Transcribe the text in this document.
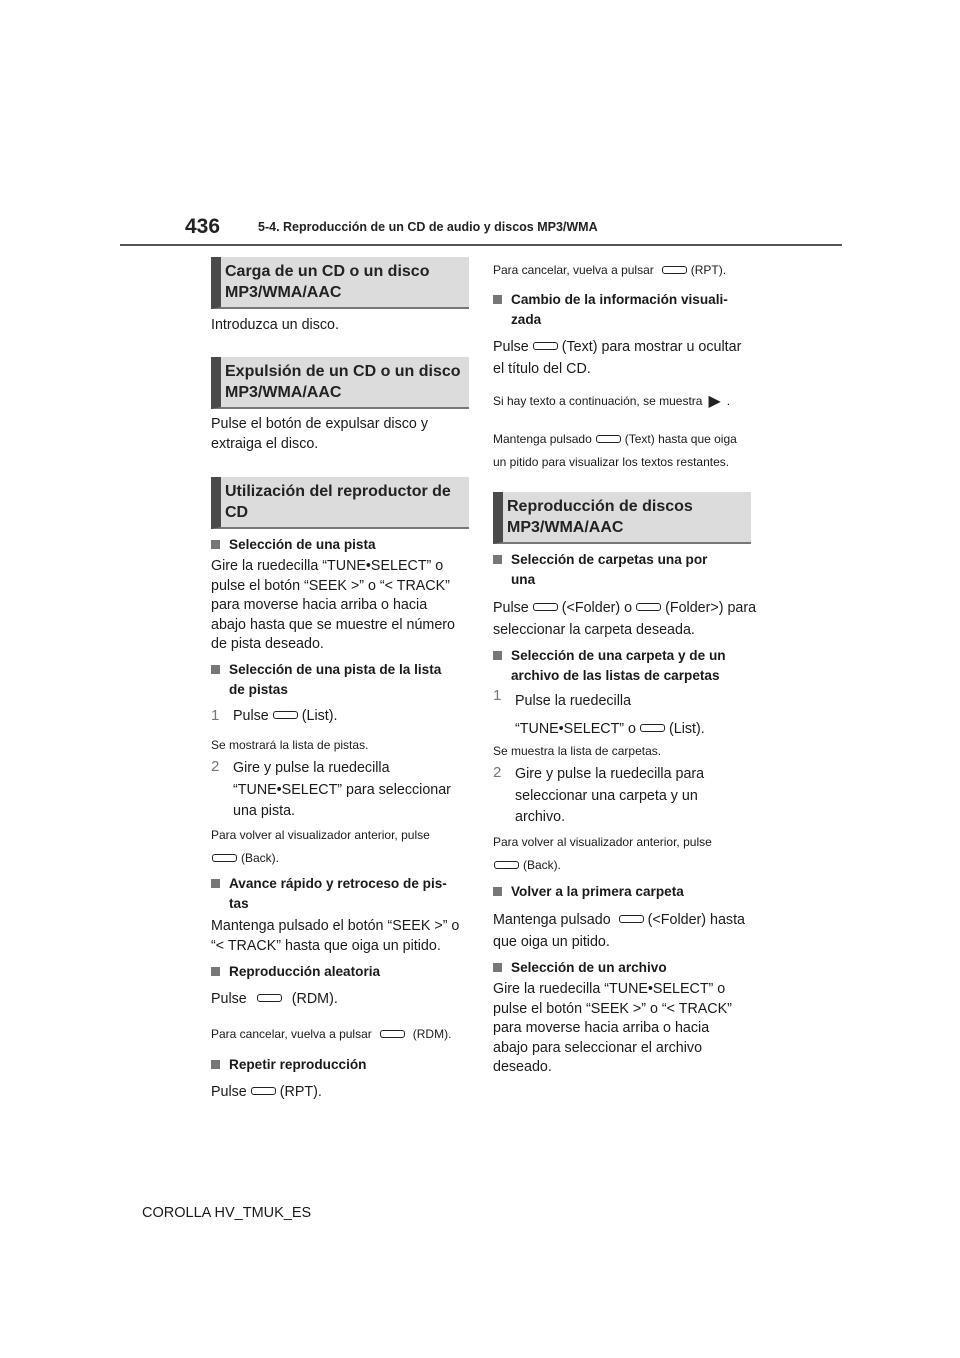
436	5-4. Reproducción de un CD de audio y discos MP3/WMA
Carga de un CD o un disco
MP3/WMA/AAC
Introduzca un disco.
Expulsión de un CD o un disco
MP3/WMA/AAC
Pulse el botón de expulsar disco y
extraiga el disco.
Utilización del reproductor de
CD
Selección de una pista
Gire la ruedecilla “TUNE•SELECT” o
pulse el botón “SEEK >” o “< TRACK”
para moverse hacia arriba o hacia
abajo hasta que se muestre el número
de pista deseado.
Selección de una pista de la lista
de pistas
1 Pulse (List).
Se mostrará la lista de pistas.
2 Gire y pulse la ruedecilla
“TUNE•SELECT” para seleccionar
una pista.
Para volver al visualizador anterior, pulse
(Back).
Avance rápido y retroceso de pis-
tas
Mantenga pulsado el botón “SEEK >” o
“< TRACK” hasta que oiga un pitido.
Reproducción aleatoria
Pulse	(RDM).
Para cancelar, vuelva a pulsar	(RDM).
Repetir reproducción
Pulse (RPT).
Para cancelar, vuelva a pulsar	(RPT).
Cambio de la información visuali-
zada
Pulse (Text) para mostrar u ocultar
el título del CD.
Si hay texto a continuación, se muestra ▶ .
Mantenga pulsado	(Text) hasta que oiga
un pitido para visualizar los textos restantes.
Reproducción de discos
MP3/WMA/AAC
Selección de carpetas una por
una
Pulse (<Folder) o (Folder>) para
seleccionar la carpeta deseada.
Selección de una carpeta y de un
archivo de las listas de carpetas
1 Pulse la ruedecilla
“TUNE•SELECT” o (List).
Se muestra la lista de carpetas.
2 Gire y pulse la ruedecilla para
seleccionar una carpeta y un
archivo.
Para volver al visualizador anterior, pulse
(Back).
Volver a la primera carpeta
Mantenga pulsado	(<Folder) hasta
que oiga un pitido.
Selección de un archivo
Gire la ruedecilla “TUNE•SELECT” o
pulse el botón “SEEK >” o “< TRACK”
para moverse hacia arriba o hacia
abajo para seleccionar el archivo
deseado.
COROLLA HV_TMUK_ES
